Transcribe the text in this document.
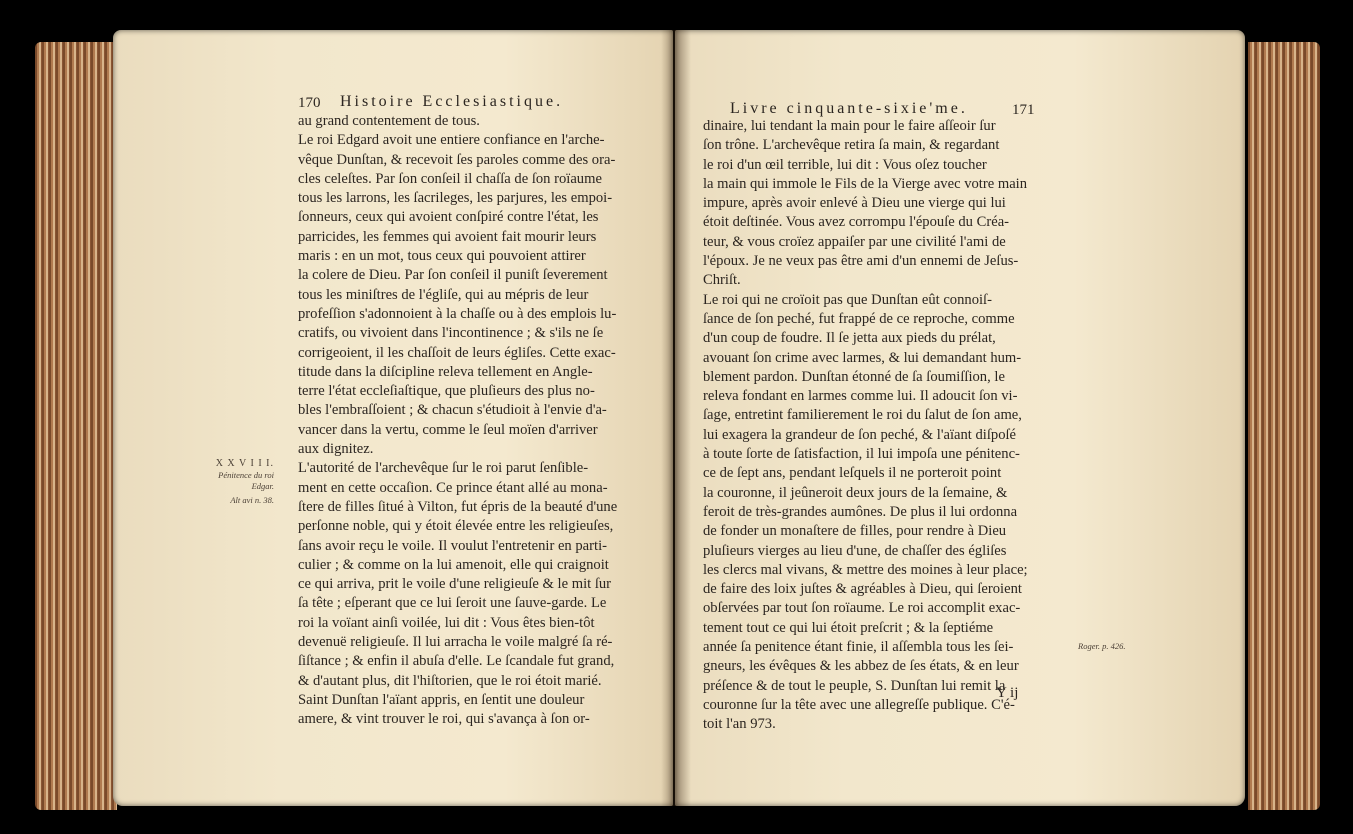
170 Histoire Ecclesiastique.
au grand contentement de tous.
Le roi Edgard avoit une entiere confiance en l'arche-
vêque Dunſtan, & recevoit ſes paroles comme des ora-
cles celeſtes. Par ſon conſeil il chaſſa de ſon roïaume
tous les larrons, les ſacrileges, les parjures, les empoi-
ſonneurs, ceux qui avoient conſpiré contre l'état, les
parricides, les femmes qui avoient fait mourir leurs
maris : en un mot, tous ceux qui pouvoient attirer
la colere de Dieu. Par ſon conſeil il puniſt ſeverement
tous les miniſtres de l'égliſe, qui au mépris de leur
profeſſion s'adonnoient à la chaſſe ou à des emplois lu-
cratifs, ou vivoient dans l'incontinence ; & s'ils ne ſe
corrigeoient, il les chaſſoit de leurs égliſes. Cette exac-
titude dans la diſcipline releva tellement en Angle-
terre l'état eccleſiaſtique, que pluſieurs des plus no-
bles l'embraſſoient ; & chacun s'étudioit à l'envie d'a-
vancer dans la vertu, comme le ſeul moïen d'arriver
aux dignitez.
L'autorité de l'archevêque ſur le roi parut ſenſible-
ment en cette occaſion. Ce prince étant allé au mona-
ſtere de filles ſitué à Vilton, fut épris de la beauté d'une
perſonne noble, qui y étoit élevée entre les religieuſes,
ſans avoir reçu le voile. Il voulut l'entretenir en parti-
culier ; & comme on la lui amenoit, elle qui craignoit
ce qui arriva, prit le voile d'une religieuſe & le mit ſur
ſa tête ; eſperant que ce lui ſeroit une ſauve-garde. Le
roi la voïant ainſi voilée, lui dit : Vous êtes bien-tôt
devenuë religieuſe. Il lui arracha le voile malgré ſa ré-
ſiſtance ; & enfin il abuſa d'elle. Le ſcandale fut grand,
& d'autant plus, dit l'hiſtorien, que le roi étoit marié.
Saint Dunſtan l'aïant appris, en ſentit une douleur
amere, & vint trouver le roi, qui s'avança à ſon or-
X X V I I I.
Pénitence du roi Edgar.
Alt avi n. 38.
Livre cinquante-sixie'me.	171
dinaire, lui tendant la main pour le faire aſſeoir ſur
ſon trône. L'archevêque retira ſa main, & regardant
le roi d'un œil terrible, lui dit : Vous oſez toucher
la main qui immole le Fils de la Vierge avec votre main
impure, après avoir enlevé à Dieu une vierge qui lui
étoit deſtinée. Vous avez corrompu l'épouſe du Créa-
teur, & vous croïez appaiſer par une civilité l'ami de
l'époux. Je ne veux pas être ami d'un ennemi de Jeſus-
Chriſt.
Le roi qui ne croïoit pas que Dunſtan eût connoiſ-
ſance de ſon peché, fut frappé de ce reproche, comme
d'un coup de foudre. Il ſe jetta aux pieds du prélat,
avouant ſon crime avec larmes, & lui demandant hum-
blement pardon. Dunſtan étonné de ſa ſoumiſſion, le
releva fondant en larmes comme lui. Il adoucit ſon vi-
ſage, entretint familierement le roi du ſalut de ſon ame,
lui exagera la grandeur de ſon peché, & l'aïant diſpoſé
à toute ſorte de ſatisfaction, il lui impoſa une pénitenc-
ce de ſept ans, pendant leſquels il ne porteroit point
la couronne, il jeûneroit deux jours de la ſemaine, &
feroit de très-grandes aumônes. De plus il lui ordonna
de fonder un monaſtere de filles, pour rendre à Dieu
pluſieurs vierges au lieu d'une, de chaſſer des égliſes
les clercs mal vivans, & mettre des moines à leur place;
de faire des loix juſtes & agréables à Dieu, qui ſeroient
obſervées par tout ſon roïaume. Le roi accomplit exac-
tement tout ce qui lui étoit preſcrit ; & la ſeptiéme
année ſa penitence étant finie, il aſſembla tous les ſei-
gneurs, les évêques & les abbez de ſes états, & en leur
préſence & de tout le peuple, S. Dunſtan lui remit la
couronne ſur la tête avec une allegreſſe publique. C'é-
toit l'an 973.
Roger. p. 426.
Y ij
